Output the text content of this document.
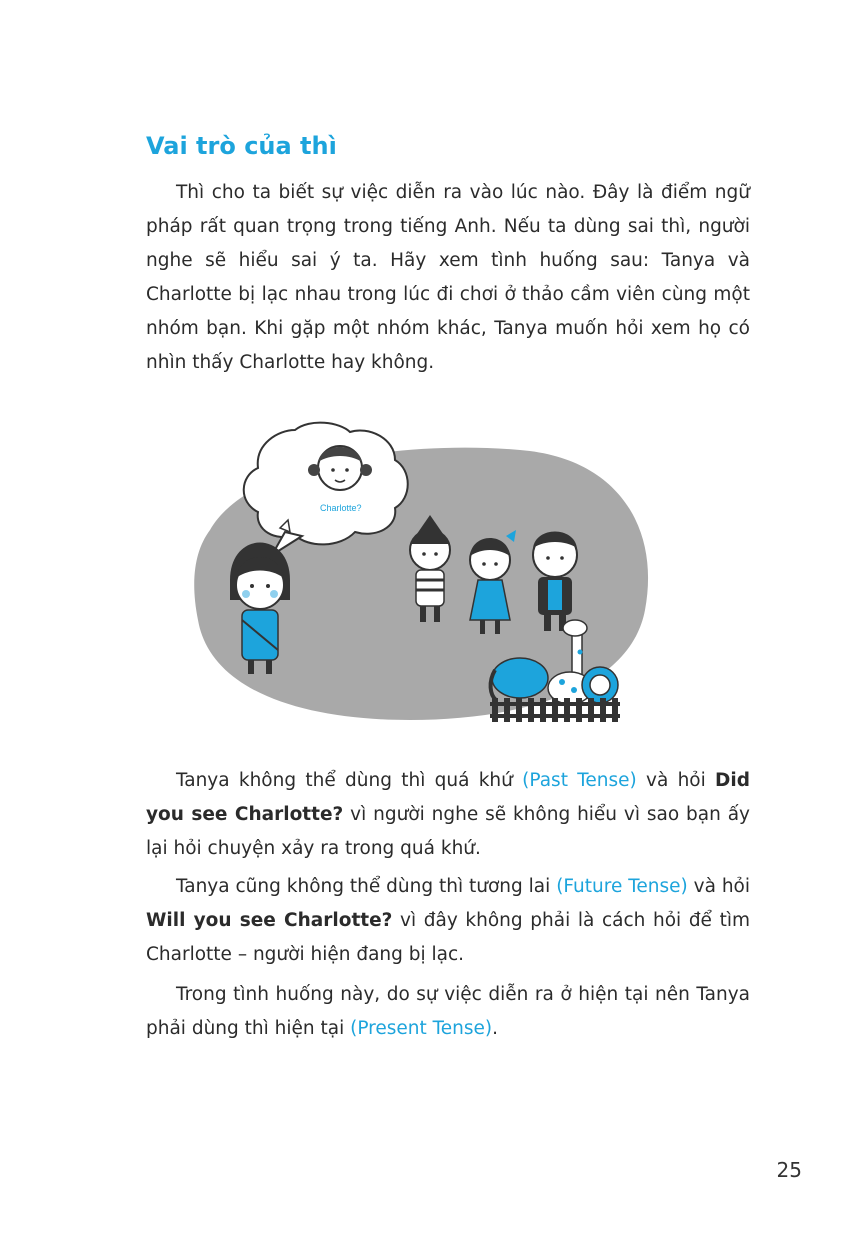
Vai trò của thì

Thì cho ta biết sự việc diễn ra vào lúc nào. Đây là điểm ngữ pháp rất quan trọng trong tiếng Anh. Nếu ta dùng sai thì, người nghe sẽ hiểu sai ý ta. Hãy xem tình huống sau: Tanya và Charlotte bị lạc nhau trong lúc đi chơi ở thảo cầm viên cùng một nhóm bạn. Khi gặp một nhóm khác, Tanya muốn hỏi xem họ có nhìn thấy Charlotte hay không.

Charlotte?

Tanya không thể dùng thì quá khứ (Past Tense) và hỏi Did you see Charlotte? vì người nghe sẽ không hiểu vì sao bạn ấy lại hỏi chuyện xảy ra trong quá khứ.

Tanya cũng không thể dùng thì tương lai (Future Tense) và hỏi Will you see Charlotte? vì đây không phải là cách hỏi để tìm Charlotte – người hiện đang bị lạc.

Trong tình huống này, do sự việc diễn ra ở hiện tại nên Tanya phải dùng thì hiện tại (Present Tense).

25
